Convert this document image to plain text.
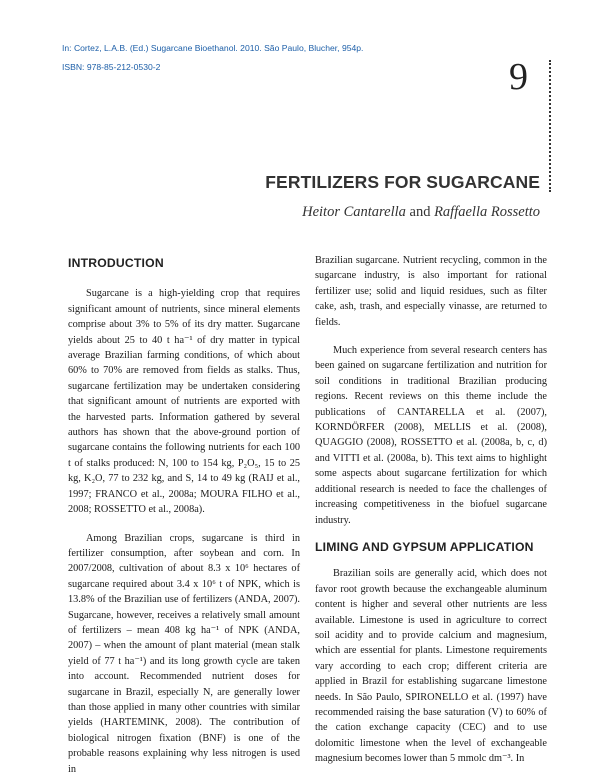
In: Cortez, L.A.B. (Ed.) Sugarcane Bioethanol. 2010. São Paulo, Blucher, 954p.
ISBN: 978-85-212-0530-2	9
FERTILIZERS FOR SUGARCANE
Heitor Cantarella and Raffaella Rossetto
INTRODUCTION

Sugarcane is a high-yielding crop that requires significant amount of nutrients, since mineral elements comprise about 3% to 5% of its dry matter. Sugarcane yields about 25 to 40 t ha⁻¹ of dry matter in typical average Brazilian farming conditions, of which about 60% to 70% are removed from fields as stalks. Thus, sugarcane fertilization may be undertaken considering that significant amount of nutrients are exported with the harvested parts. Information gathered by several authors has shown that the above-ground portion of sugarcane contains the following nutrients for each 100 t of stalks produced: N, 100 to 154 kg, P₂O₅, 15 to 25 kg, K₂O, 77 to 232 kg, and S, 14 to 49 kg (RAIJ et al., 1997; FRANCO et al., 2008a; MOURA FILHO et al., 2008; ROSSETTO et al., 2008a).

Among Brazilian crops, sugarcane is third in fertilizer consumption, after soybean and corn. In 2007/2008, cultivation of about 8.3 x 10⁶ hectares of sugarcane required about 3.4 x 10⁶ t of NPK, which is 13.8% of the Brazilian use of fertilizers (ANDA, 2007). Sugarcane, however, receives a relatively small amount of fertilizers – mean 408 kg ha⁻¹ of NPK (ANDA, 2007) – when the amount of plant material (mean stalk yield of 77 t ha⁻¹) and its long growth cycle are taken into account. Recommended nutrient doses for sugarcane in Brazil, especially N, are generally lower than those applied in many other countries with similar yields (HARTEMINK, 2008). The contribution of biological nitrogen fixation (BNF) is one of the probable reasons explaining why less nitrogen is used in

Brazilian sugarcane. Nutrient recycling, common in the sugarcane industry, is also important for rational fertilizer use; solid and liquid residues, such as filter cake, ash, trash, and especially vinasse, are returned to fields.

Much experience from several research centers has been gained on sugarcane fertilization and nutrition for soil conditions in traditional Brazilian producing regions. Recent reviews on this theme include the publications of CANTARELLA et al. (2007), KORNDÖRFER (2008), MELLIS et al. (2008), QUAGGIO (2008), ROSSETTO et al. (2008a, b, c, d) and VITTI et al. (2008a, b). This text aims to highlight some aspects about sugarcane fertilization for which additional research is needed to face the challenges of increasing competitiveness in the biofuel sugarcane industry.

LIMING AND GYPSUM APPLICATION

Brazilian soils are generally acid, which does not favor root growth because the exchangeable aluminum content is higher and several other nutrients are less available. Limestone is used in agriculture to correct soil acidity and to provide calcium and magnesium, which are essential for plants. Limestone requirements vary according to each crop; different criteria are applied in Brazil for establishing sugarcane limestone needs. In São Paulo, SPIRONELLO et al. (1997) have recommended raising the base saturation (V) to 60% of the cation exchange capacity (CEC) and to use dolomitic limestone when the level of exchangeable magnesium becomes lower than 5 mmolc dm⁻³. In
